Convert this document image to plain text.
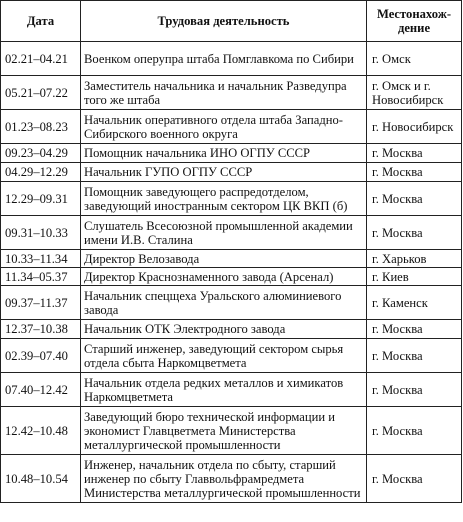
Дата	Трудовая деятельность	Местонахож-дение
02.21–04.21	Военком оперупра штаба Помглавкома по Сибири	г. Омск
05.21–07.22	Заместитель начальника и начальник Разведупра того же штаба	г. Омск и г. Новосибирск
01.23–08.23	Начальник оперативного отдела штаба Западно-Сибирского военного округа	г. Новосибирск
09.23–04.29	Помощник начальника ИНО ОГПУ СССР	г. Москва
04.29–12.29	Начальник ГУПО ОГПУ СССР	г. Москва
12.29–09.31	Помощник заведующего распредотделом, заведующий иностранным сектором ЦК ВКП (б)	г. Москва
09.31–10.33	Слушатель Всесоюзной промышленной академии имени И.В. Сталина	г. Москва
10.33–11.34	Директор Велозавода	г. Харьков
11.34–05.37	Директор Краснознаменного завода (Арсенал)	г. Киев
09.37–11.37	Начальник спецщеха Уральского алюминиевого завода	г. Каменск
12.37–10.38	Начальник ОТК Электродного завода	г. Москва
02.39–07.40	Старший инженер, заведующий сектором сырья отдела сбыта Наркомцветмета	г. Москва
07.40–12.42	Начальник отдела редких металлов и химикатов Наркомцветмета	г. Москва
12.42–10.48	Заведующий бюро технической информации и экономист Главцветмета Министерства металлургической промышленности	г. Москва
10.48–10.54	Инженер, начальник отдела по сбыту, старший инженер по сбыту Главвольфрамредмета Министерства металлургической промышленности	г. Москва
